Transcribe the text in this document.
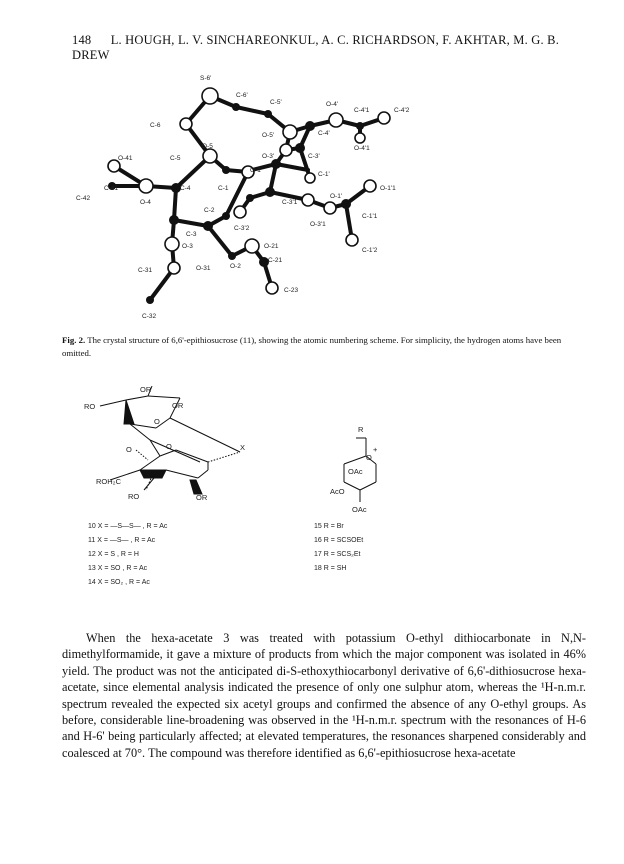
148 L. HOUGH, L. V. SINCHAREONKUL, A. C. RICHARDSON, F. AKHTAR, M. G. B. DREW
S-6'
C-6'
C-5'	O-4'
C-4'1	C-4'2
C-6
O-5'	C-4'
O-4'1
O-5
O-3'	C-3'
O-41	C-5
O-1
C-1'
O-1'1
C-41
C-42
C-4	C-1
O-1'
O-4
C-2
C-3'1
C-1'1
C-3
C-3'2
O-3'1
O-3	O-21
C-1'2
C-31	O-31	O-2
C-21
C-23
C-32
Fig. 2. The crystal structure of 6,6'-epithiosucrose (11), showing the atomic numbering scheme. For simplicity, the hydrogen atoms have been omitted.
OR
RO	OR
O
O	O	X
ROH₂C
RO	OR
R
+
O
OAc
AcO
OAc
10 X = —S—S— , R = Ac
11 X = —S— , R = Ac
12 X = S , R = H
13 X = SO , R = Ac
14 X = SO₂ , R = Ac
15 R = Br
16 R = SCSOEt
17 R = SCS₂Et
18 R = SH

When the hexa-acetate 3 was treated with potassium O-ethyl dithiocarbonate in N,N-dimethylformamide, it gave a mixture of products from which the major component was isolated in 46% yield. The product was not the anticipated di-S-ethoxythiocarbonyl derivative of 6,6'-dithiosucrose hexa-acetate, since elemental analysis indicated the presence of only one sulphur atom, whereas the ¹H-n.m.r. spectrum revealed the expected six acetyl groups and confirmed the absence of any O-ethyl groups. As before, considerable line-broadening was observed in the ¹H-n.m.r. spectrum with the resonances of H-6 and H-6' being particularly affected; at elevated temperatures, the resonances sharpened considerably and coalesced at 70°. The compound was therefore identified as 6,6'-epithiosucrose hexa-acetate
